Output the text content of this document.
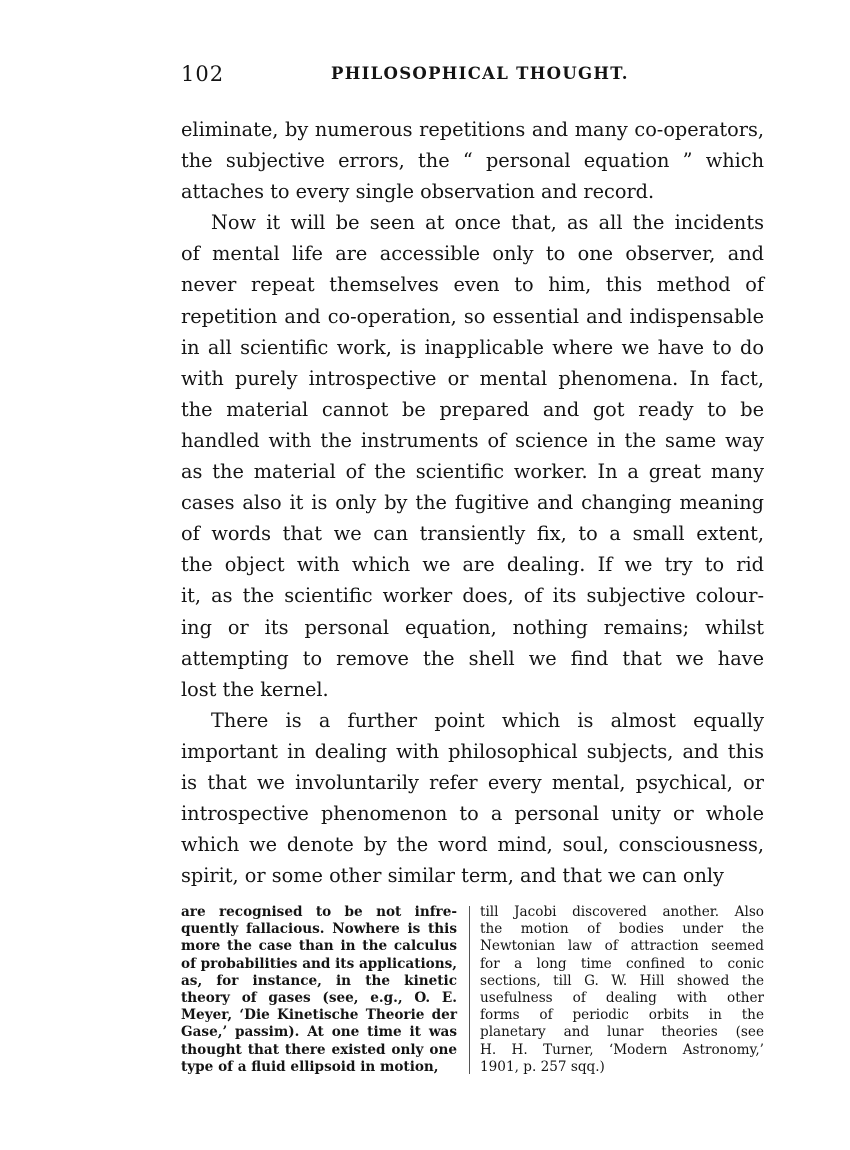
102	PHILOSOPHICAL THOUGHT.

eliminate, by numerous repetitions and many co-operators,
the subjective errors, the “ personal equation ” which
attaches to every single observation and record.

Now it will be seen at once that, as all the incidents
of mental life are accessible only to one observer, and
never repeat themselves even to him, this method of
repetition and co-operation, so essential and indispensable
in all scientific work, is inapplicable where we have to do
with purely introspective or mental phenomena. In fact,
the material cannot be prepared and got ready to be
handled with the instruments of science in the same way
as the material of the scientific worker. In a great many
cases also it is only by the fugitive and changing meaning
of words that we can transiently fix, to a small extent,
the object with which we are dealing. If we try to rid
it, as the scientific worker does, of its subjective colour-
ing or its personal equation, nothing remains; whilst
attempting to remove the shell we find that we have
lost the kernel.

There is a further point which is almost equally
important in dealing with philosophical subjects, and this
is that we involuntarily refer every mental, psychical, or
introspective phenomenon to a personal unity or whole
which we denote by the word mind, soul, consciousness,
spirit, or some other similar term, and that we can only

are recognised to be not infre-
quently fallacious. Nowhere is this
more the case than in the calculus
of probabilities and its applications,
as, for instance, in the kinetic
theory of gases (see, e.g., O. E.
Meyer, ‘Die Kinetische Theorie der
Gase,’ passim). At one time it was
thought that there existed only one
type of a fluid ellipsoid in motion,
till Jacobi discovered another. Also
the motion of bodies under the
Newtonian law of attraction seemed
for a long time confined to conic
sections, till G. W. Hill showed the
usefulness of dealing with other
forms of periodic orbits in the
planetary and lunar theories (see
H. H. Turner, ‘Modern Astronomy,’
1901, p. 257 sqq.)
